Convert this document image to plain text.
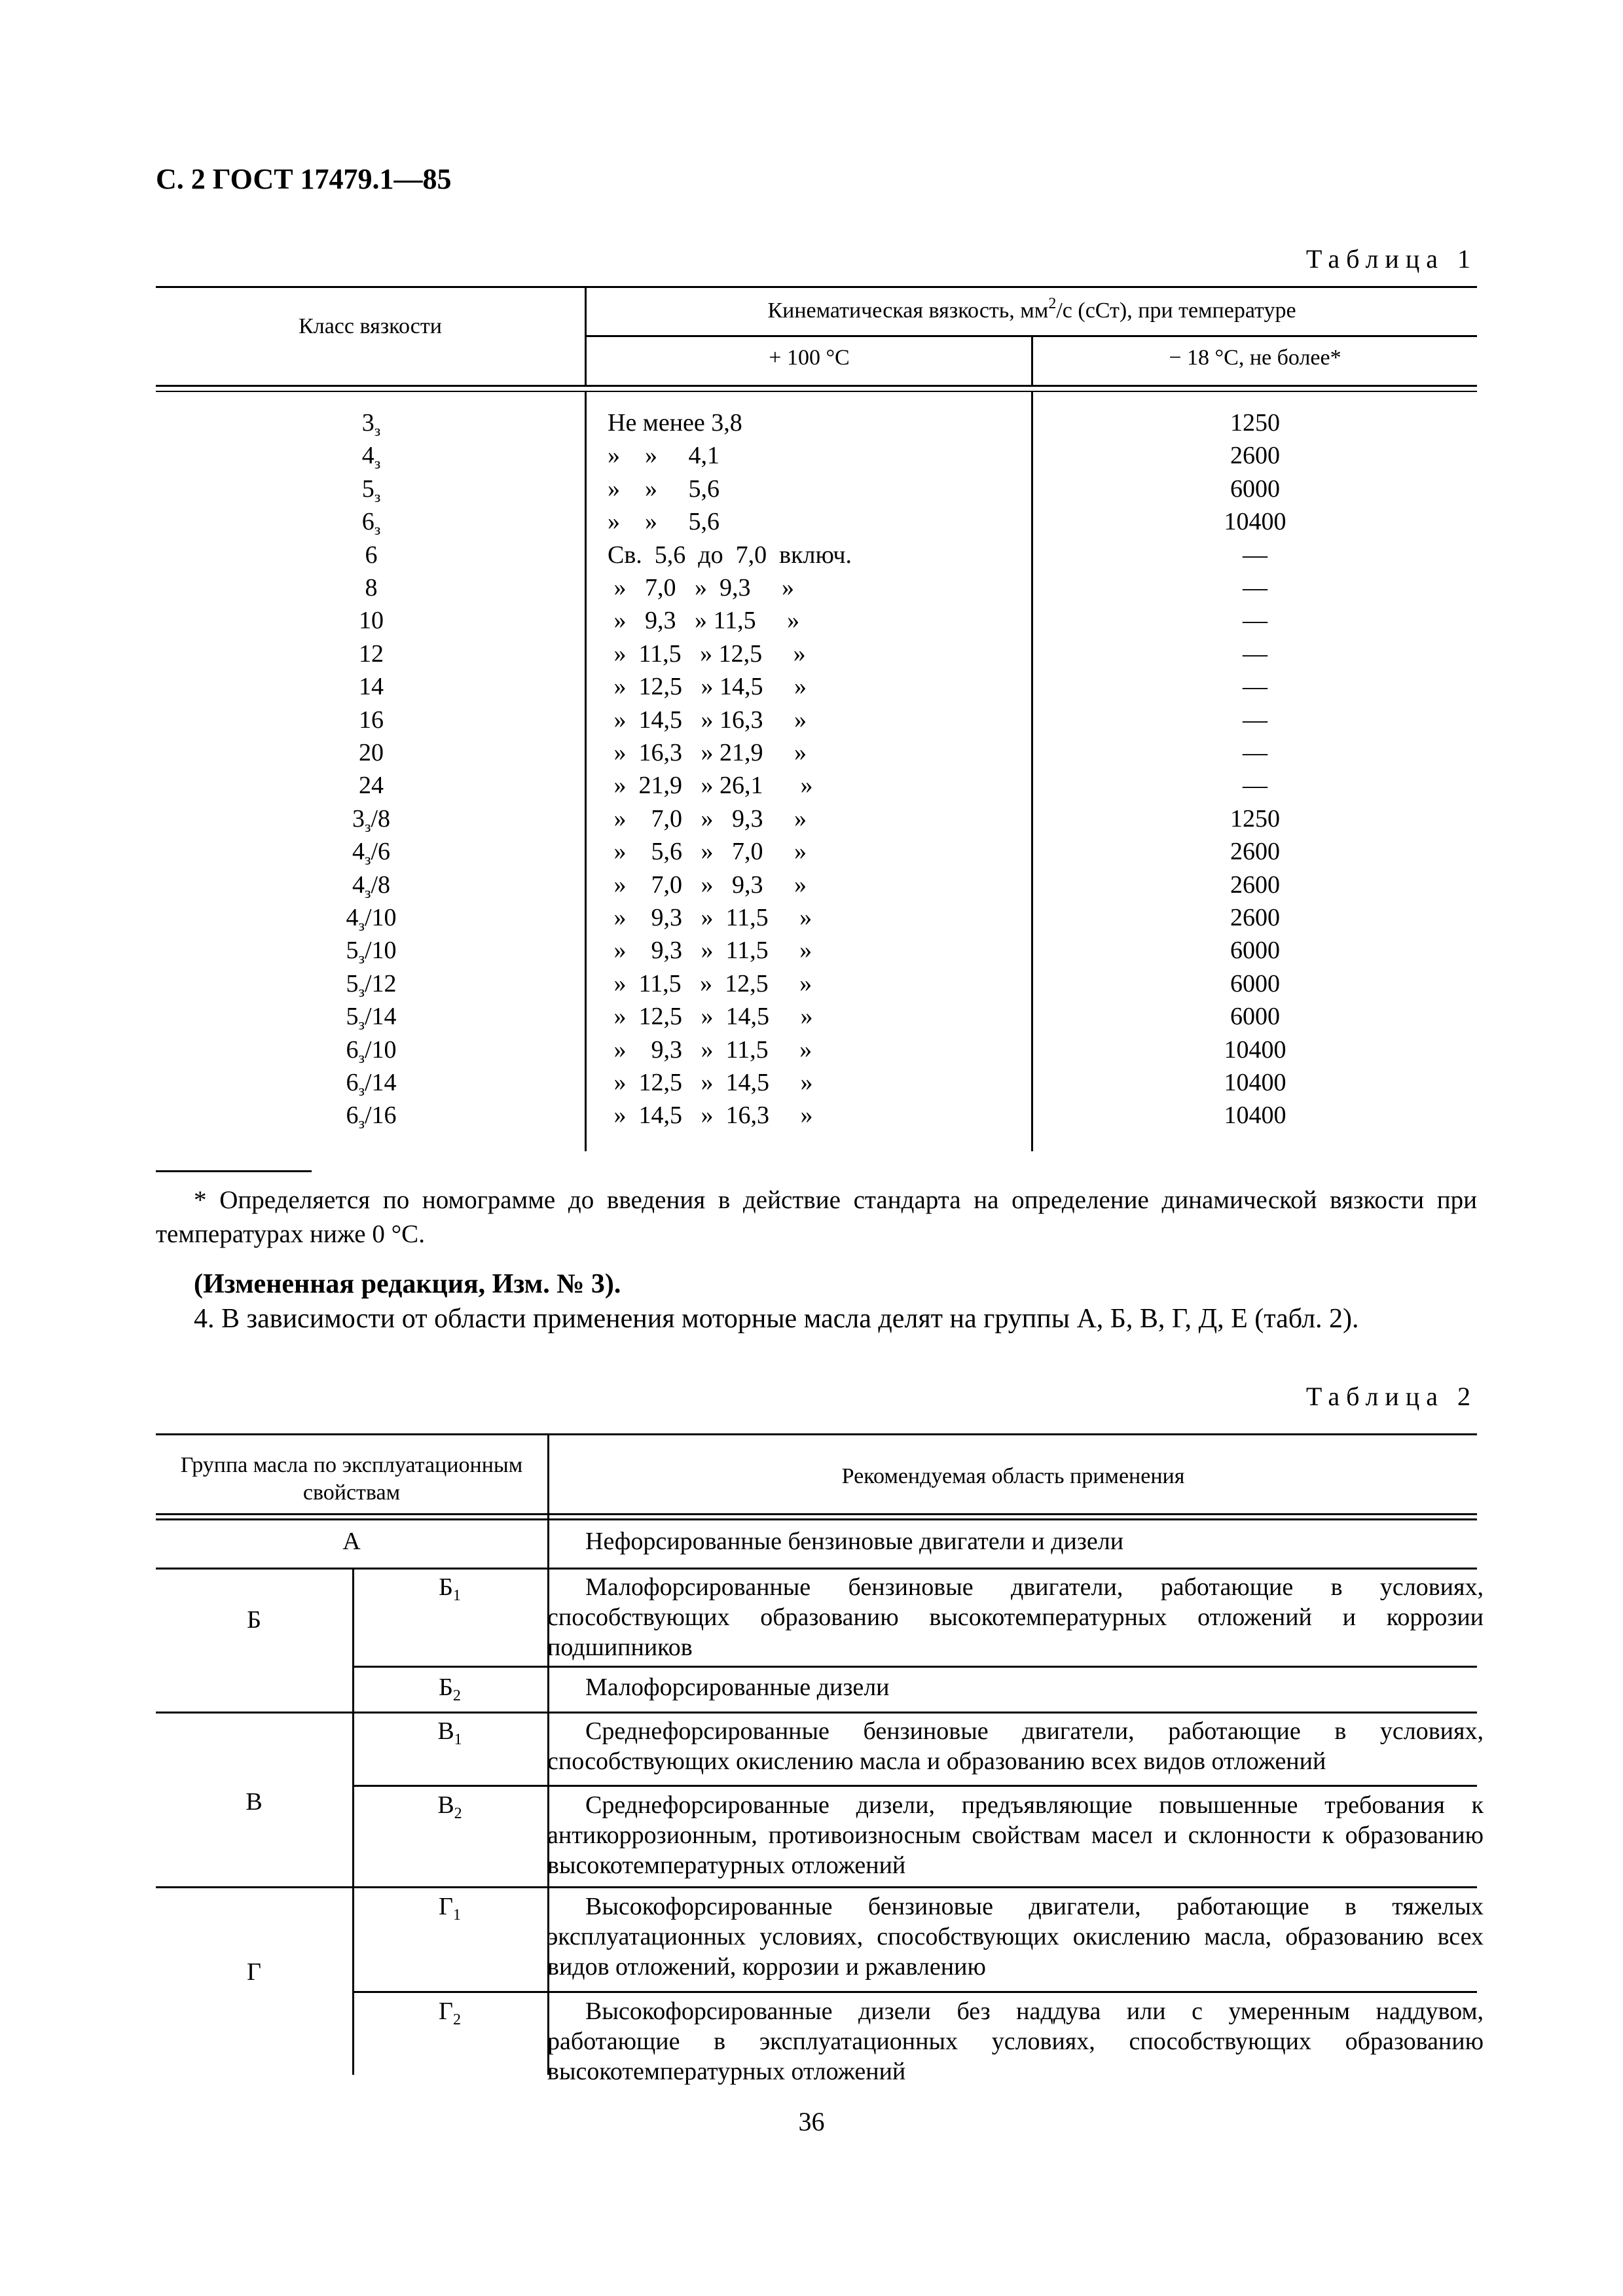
С. 2 ГОСТ 17479.1—85
Таблица 1
Класс вязкости
Кинематическая вязкость, $мм^2/с$ (сСт), при температуре
+ 100 °С	− 18 °С, не более*
$3_з$	Не менее 3,8	1250
$4_з$	»    »     4,1	2600
$5_з$	»    »     5,6	6000
$6_з$	»    »     5,6	10400
6	Св.  5,6  до  7,0  включ.	—
8	»   7,0   »  9,3     »	—
10	»   9,3   » 11,5     »	—
12	»  11,5   » 12,5     »	—
14	»  12,5   » 14,5     »	—
16	»  14,5   » 16,3     »	—
20	»  16,3   » 21,9     »	—
24	»  21,9   » 26,1      »	—
$3_з/8$	»    7,0   »   9,3     »	1250
$4_з/6$	»    5,6   »   7,0     »	2600
$4_з/8$	»    7,0   »   9,3     »	2600
$4_з/10$	»    9,3   »  11,5     »	2600
$5_з/10$	»    9,3   »  11,5     »	6000
$5_з/12$	»  11,5   »  12,5     »	6000
$5_з/14$	»  12,5   »  14,5     »	6000
$6_з/10$	»    9,3   »  11,5     »	10400
$6_з/14$	»  12,5   »  14,5     »	10400
$6_з/16$	»  14,5   »  16,3     »	10400
* Определяется по номограмме до введения в действие стандарта на определение динамической вязкости при температурах ниже 0 °С.
(Измененная редакция, Изм. № 3).
4. В зависимости от области применения моторные масла делят на группы А, Б, В, Г, Д, Е (табл. 2).
Таблица 2
Группа масла по эксплуатационным свойствам
Рекомендуемая область применения
А	Нефорсированные бензиновые двигатели и дизели
Б
$Б_1$	Малофорсированные бензиновые двигатели, работающие в условиях, способствующих образованию высокотемпературных отложений и коррозии подшипников
$Б_2$	Малофорсированные дизели
В
$В_1$	Среднефорсированные бензиновые двигатели, работающие в условиях, способствующих окислению масла и образованию всех видов отложений
$В_2$	Среднефорсированные дизели, предъявляющие повышенные требования к антикоррозионным, противоизносным свойствам масел и склонности к образованию высокотемпературных отложений
Г
$Г_1$	Высокофорсированные бензиновые двигатели, работающие в тяжелых эксплуатационных условиях, способствующих окислению масла, образованию всех видов отложений, коррозии и ржавлению
$Г_2$	Высокофорсированные дизели без наддува или с умеренным наддувом, работающие в эксплуатационных условиях, способствующих образованию высокотемпературных отложений
36
